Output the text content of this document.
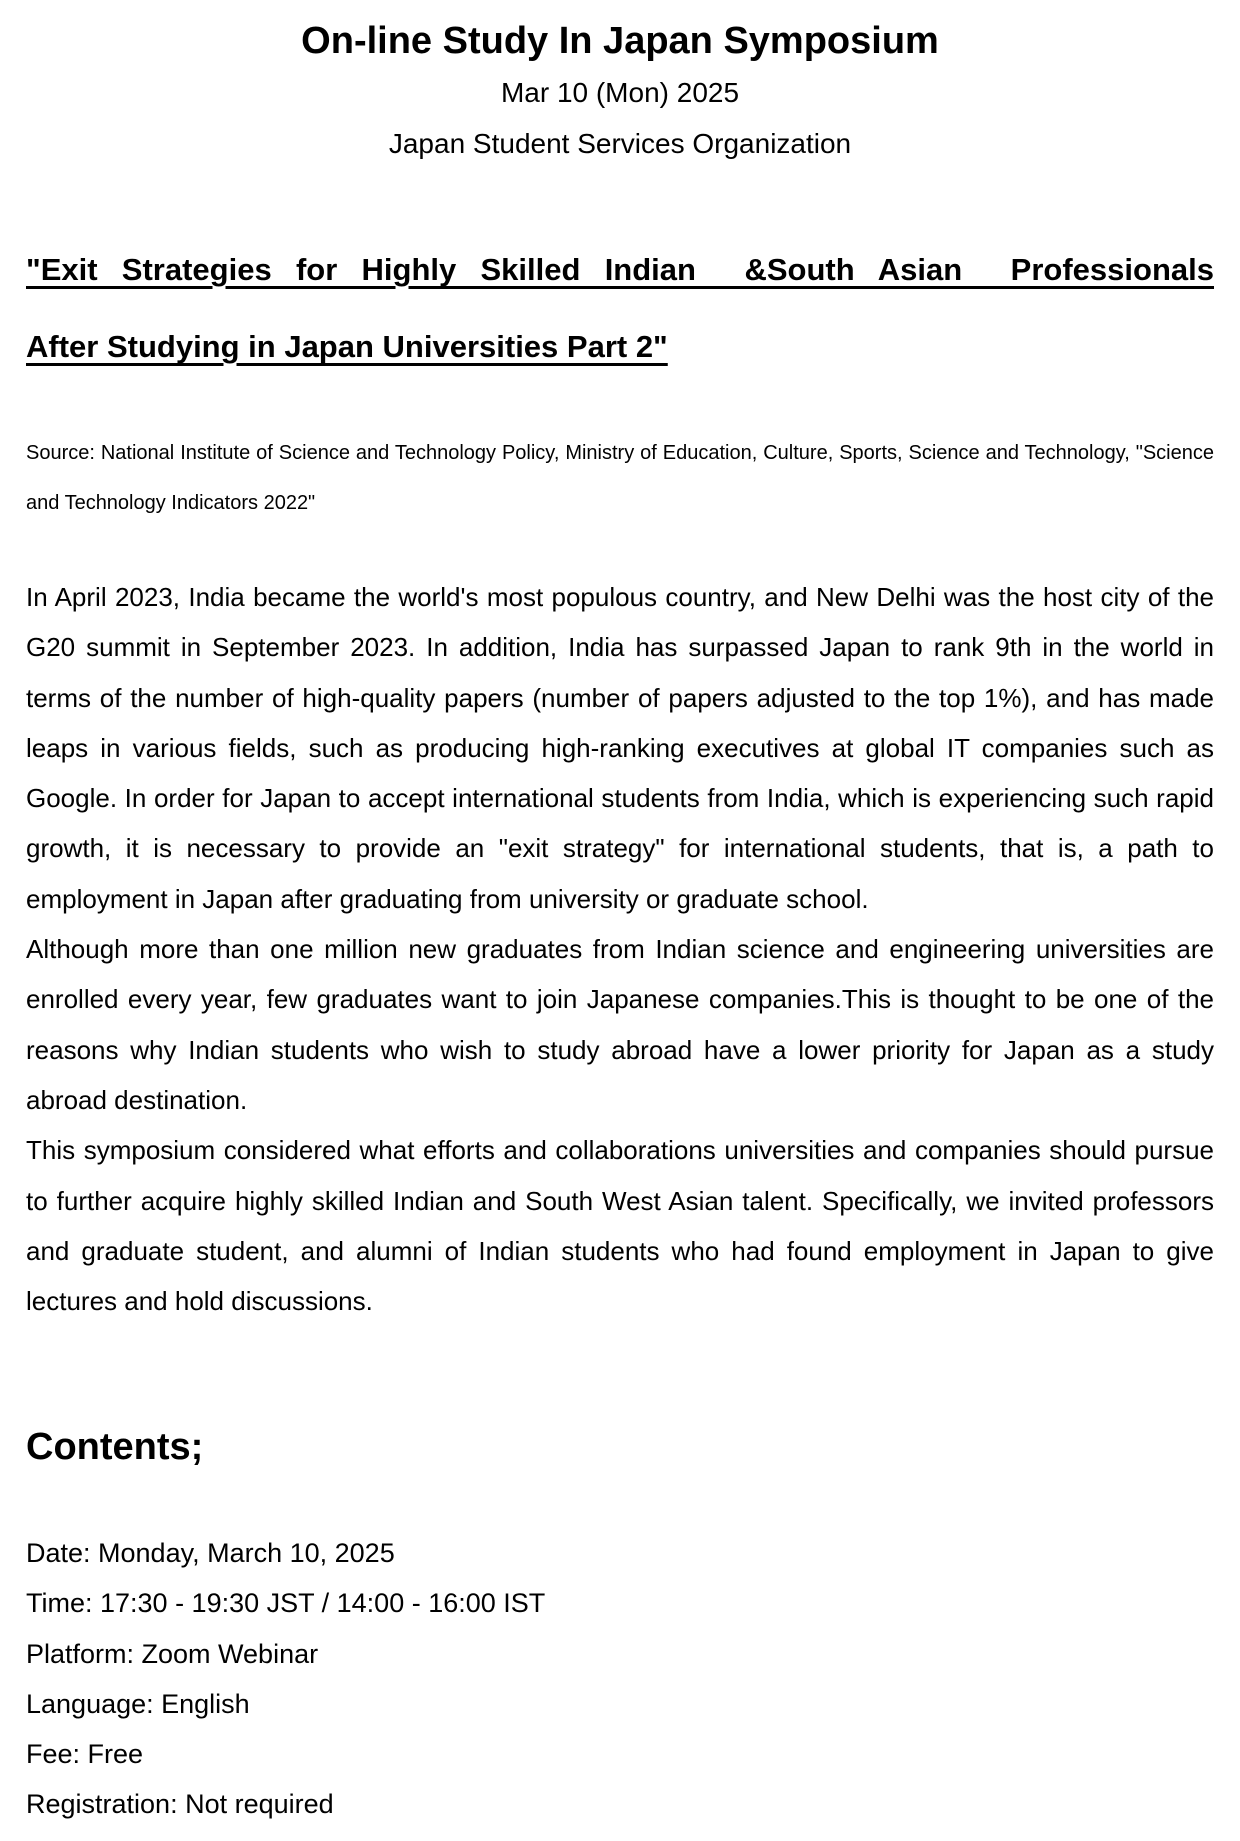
On-line Study In Japan Symposium
Mar 10 (Mon) 2025
Japan Student Services Organization
"Exit Strategies for Highly Skilled Indian  &South Asian  Professionals
After Studying in Japan Universities Part 2"
Source: National Institute of Science and Technology Policy, Ministry of Education, Culture, Sports, Science and Technology, "Science and Technology Indicators 2022"

In April 2023, India became the world's most populous country, and New Delhi was the host city of the G20 summit in September 2023. In addition, India has surpassed Japan to rank 9th in the world in terms of the number of high-quality papers (number of papers adjusted to the top 1%), and has made leaps in various fields, such as producing high-ranking executives at global IT companies such as Google. In order for Japan to accept international students from India, which is experiencing such rapid growth, it is necessary to provide an "exit strategy" for international students, that is, a path to employment in Japan after graduating from university or graduate school.

Although more than one million new graduates from Indian science and engineering universities are enrolled every year, few graduates want to join Japanese companies.This is thought to be one of the reasons why Indian students who wish to study abroad have a lower priority for Japan as a study abroad destination.

This symposium considered what efforts and collaborations universities and companies should pursue to further acquire highly skilled Indian and South West Asian talent. Specifically, we invited professors and graduate student, and alumni of Indian students who had found employment in Japan to give lectures and hold discussions.

Contents;
Date: Monday, March 10, 2025
Time: 17:30 - 19:30 JST / 14:00 - 16:00 IST
Platform: Zoom Webinar
Language: English
Fee: Free
Registration: Not required
